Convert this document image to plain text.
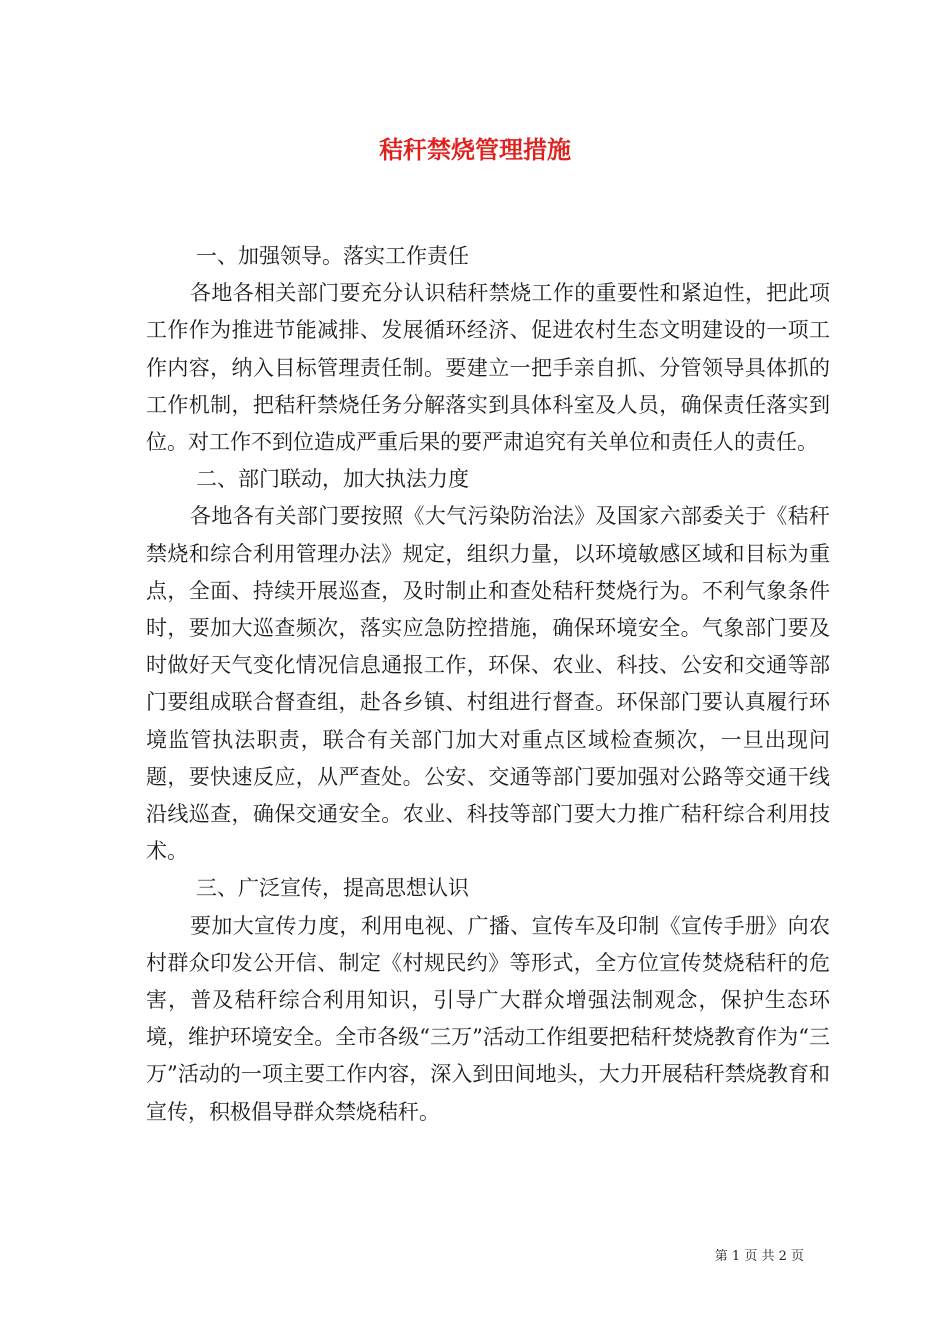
秸秆禁烧管理措施

一、加强领导。落实工作责任

各地各相关部门要充分认识秸秆禁烧工作的重要性和紧迫性，把此项工作作为推进节能减排、发展循环经济、促进农村生态文明建设的一项工作内容，纳入目标管理责任制。要建立一把手亲自抓、分管领导具体抓的工作机制，把秸秆禁烧任务分解落实到具体科室及人员，确保责任落实到位。对工作不到位造成严重后果的要严肃追究有关单位和责任人的责任。

二、部门联动，加大执法力度

各地各有关部门要按照《大气污染防治法》及国家六部委关于《秸秆禁烧和综合利用管理办法》规定，组织力量，以环境敏感区域和目标为重点，全面、持续开展巡查，及时制止和查处秸秆焚烧行为。不利气象条件时，要加大巡查频次，落实应急防控措施，确保环境安全。气象部门要及时做好天气变化情况信息通报工作，环保、农业、科技、公安和交通等部门要组成联合督查组，赴各乡镇、村组进行督查。环保部门要认真履行环境监管执法职责，联合有关部门加大对重点区域检查频次，一旦出现问题，要快速反应，从严查处。公安、交通等部门要加强对公路等交通干线沿线巡查，确保交通安全。农业、科技等部门要大力推广秸秆综合利用技术。

三、广泛宣传，提高思想认识

要加大宣传力度，利用电视、广播、宣传车及印制《宣传手册》向农村群众印发公开信、制定《村规民约》等形式，全方位宣传焚烧秸秆的危害，普及秸秆综合利用知识，引导广大群众增强法制观念，保护生态环境，维护环境安全。全市各级“三万”活动工作组要把秸秆焚烧教育作为“三万”活动的一项主要工作内容，深入到田间地头，大力开展秸秆禁烧教育和宣传，积极倡导群众禁烧秸秆。

第 1 页 共 2 页
